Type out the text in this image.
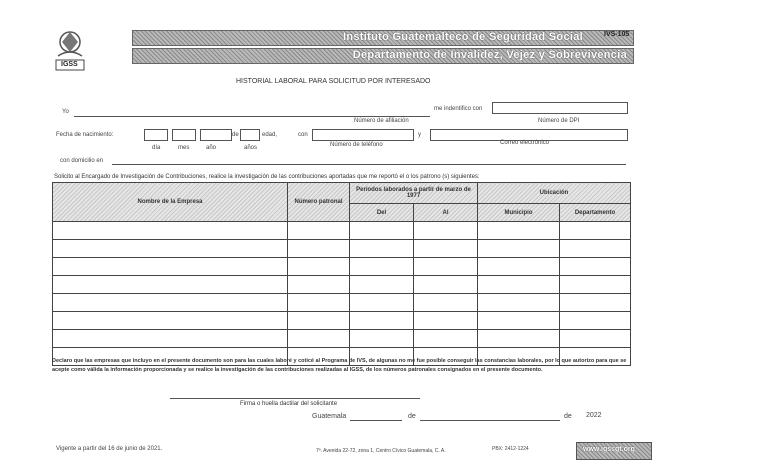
IGSS
Instituto Guatemalteco de Seguridad Social	IVS-105
Departamento de Invalidez, Vejez y Sobrevivencia
HISTORIAL LABORAL PARA SOLICITUD POR INTERESADO
Yo	me indentifico con
Número de afiliación	Número de DPI
Fecha de nacimiento:	de	edad,	con	y
día	mes	año	años	Número de teléfono	Correo electrónico
con domicilio en
Solicito al Encargado de Investigación de Contribuciones, realice la investigación de las contribuciones aportadas que me reportó el o los patrono (s) siguientes:
Nombre de la Empresa	Número patronal	Períodos laborados a partir de marzo de 1977		Ubicación	
		Del	Al	Municipio	Departamento

Declaro que las empresas que incluyo en el presente documento son para las cuales laboré y coticé al Programa de IVS, de algunas no me fue posible conseguir las constancias laborales, por lo que autorizo para que se acepte como válida la información proporcionada y se realice la investigación de las contribuciones realizadas al IGSS, de los números patronales consignados en el presente documento.
Firma o huella dactilar del solicitante
Guatemala	de	de 2022
Vigente a partir del 16 de junio de 2021.	7ª. Avenida 22-72, zona 1, Centro Cívico Guatemala, C. A.	PBX: 2412-1224	www.igssgt.org
